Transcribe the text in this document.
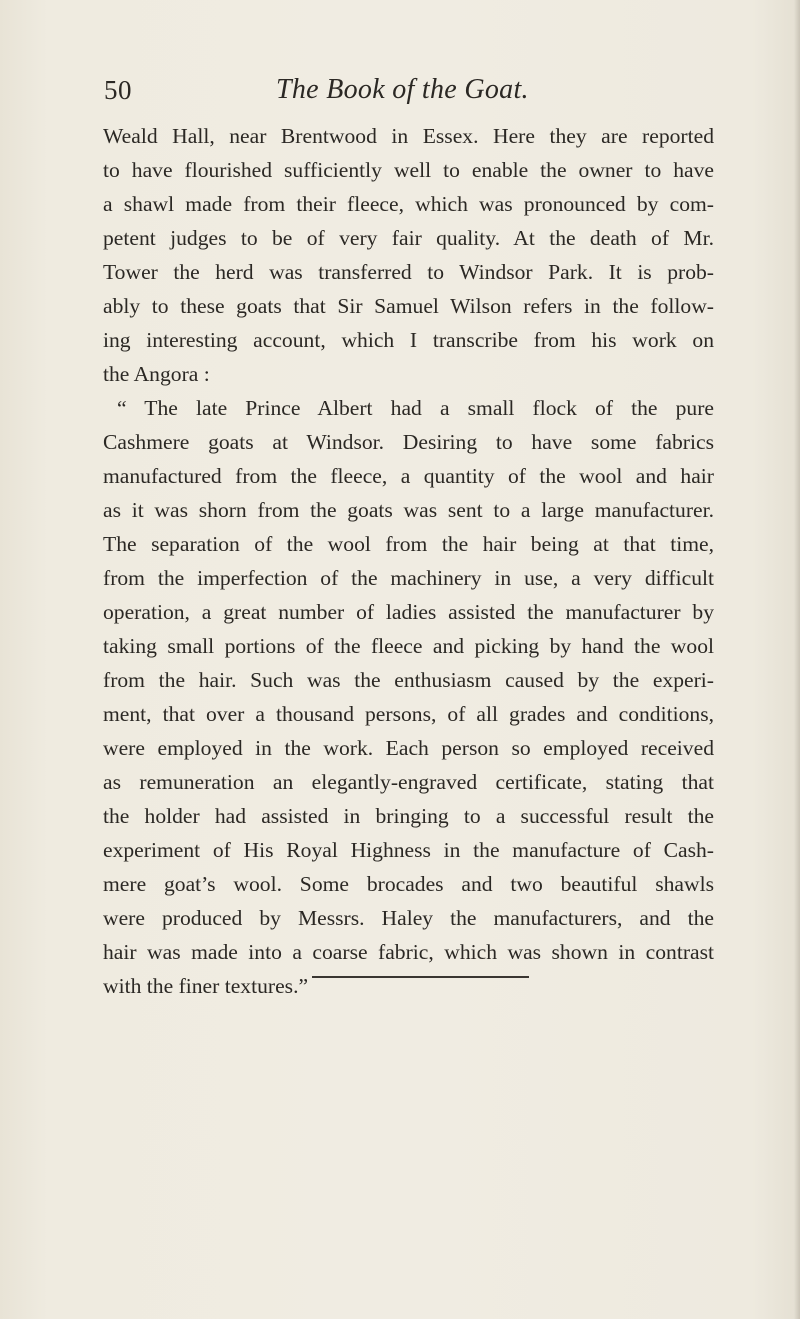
50	The Book of the Goat.
Weald Hall, near Brentwood in Essex. Here they are reported
to have flourished sufficiently well to enable the owner to have
a shawl made from their fleece, which was pronounced by com-
petent judges to be of very fair quality. At the death of Mr.
Tower the herd was transferred to Windsor Park. It is prob-
ably to these goats that Sir Samuel Wilson refers in the follow-
ing interesting account, which I transcribe from his work on
the Angora :
“ The late Prince Albert had a small flock of the pure
Cashmere goats at Windsor. Desiring to have some fabrics
manufactured from the fleece, a quantity of the wool and hair
as it was shorn from the goats was sent to a large manufacturer.
The separation of the wool from the hair being at that time,
from the imperfection of the machinery in use, a very difficult
operation, a great number of ladies assisted the manufacturer by
taking small portions of the fleece and picking by hand the wool
from the hair. Such was the enthusiasm caused by the experi-
ment, that over a thousand persons, of all grades and conditions,
were employed in the work. Each person so employed received
as remuneration an elegantly-engraved certificate, stating that
the holder had assisted in bringing to a successful result the
experiment of His Royal Highness in the manufacture of Cash-
mere goat’s wool. Some brocades and two beautiful shawls
were produced by Messrs. Haley the manufacturers, and the
hair was made into a coarse fabric, which was shown in contrast
with the finer textures.”
